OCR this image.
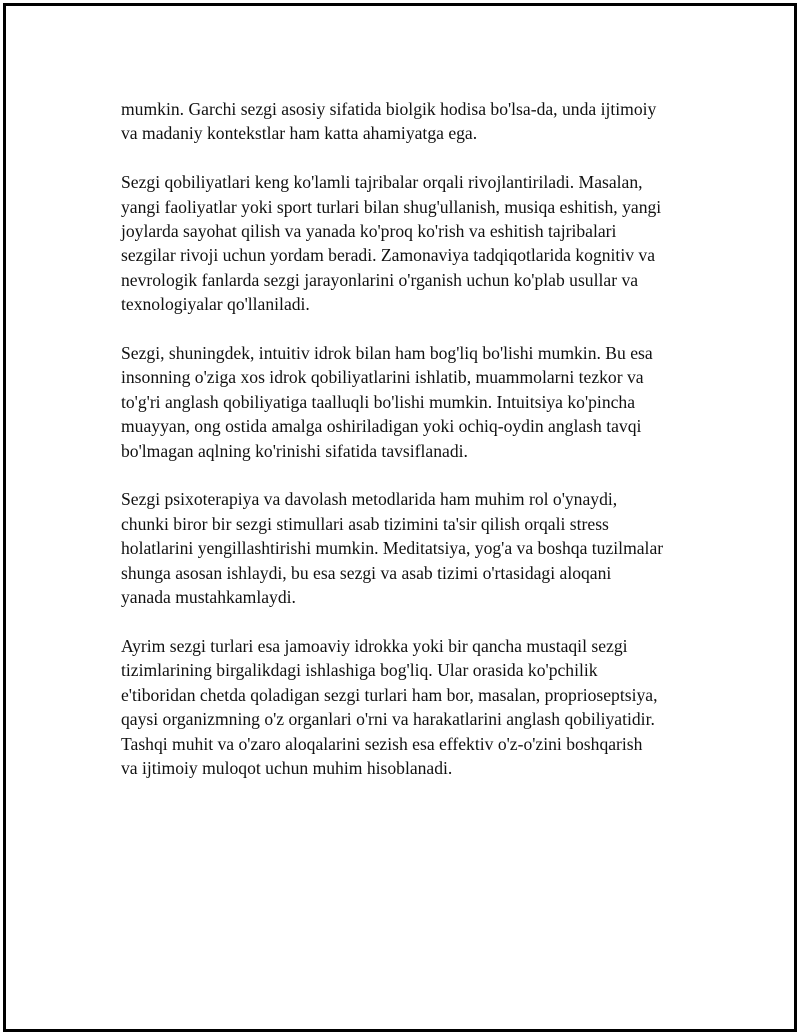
mumkin. Garchi sezgi asosiy sifatida biolgik hodisa bo'lsa-da, unda ijtimoiy
va madaniy kontekstlar ham katta ahamiyatga ega.

Sezgi qobiliyatlari keng ko'lamli tajribalar orqali rivojlantiriladi. Masalan,
yangi faoliyatlar yoki sport turlari bilan shug'ullanish, musiqa eshitish, yangi
joylarda sayohat qilish va yanada ko'proq ko'rish va eshitish tajribalari
sezgilar rivoji uchun yordam beradi. Zamonaviya tadqiqotlarida kognitiv va
nevrologik fanlarda sezgi jarayonlarini o'rganish uchun ko'plab usullar va
texnologiyalar qo'llaniladi.

Sezgi, shuningdek, intuitiv idrok bilan ham bog'liq bo'lishi mumkin. Bu esa
insonning o'ziga xos idrok qobiliyatlarini ishlatib, muammolarni tezkor va
to'g'ri anglash qobiliyatiga taalluqli bo'lishi mumkin. Intuitsiya ko'pincha
muayyan, ong ostida amalga oshiriladigan yoki ochiq-oydin anglash tavqi
bo'lmagan aqlning ko'rinishi sifatida tavsiflanadi.

Sezgi psixoterapiya va davolash metodlarida ham muhim rol o'ynaydi,
chunki biror bir sezgi stimullari asab tizimini ta'sir qilish orqali stress
holatlarini yengillashtirishi mumkin. Meditatsiya, yog'a va boshqa tuzilmalar
shunga asosan ishlaydi, bu esa sezgi va asab tizimi o'rtasidagi aloqani
yanada mustahkamlaydi.

Ayrim sezgi turlari esa jamoaviy idrokka yoki bir qancha mustaqil sezgi
tizimlarining birgalikdagi ishlashiga bog'liq. Ular orasida ko'pchilik
e'tiboridan chetda qoladigan sezgi turlari ham bor, masalan, proprioseptsiya,
qaysi organizmning o'z organlari o'rni va harakatlarini anglash qobiliyatidir.
Tashqi muhit va o'zaro aloqalarini sezish esa effektiv o'z-o'zini boshqarish
va ijtimoiy muloqot uchun muhim hisoblanadi.
